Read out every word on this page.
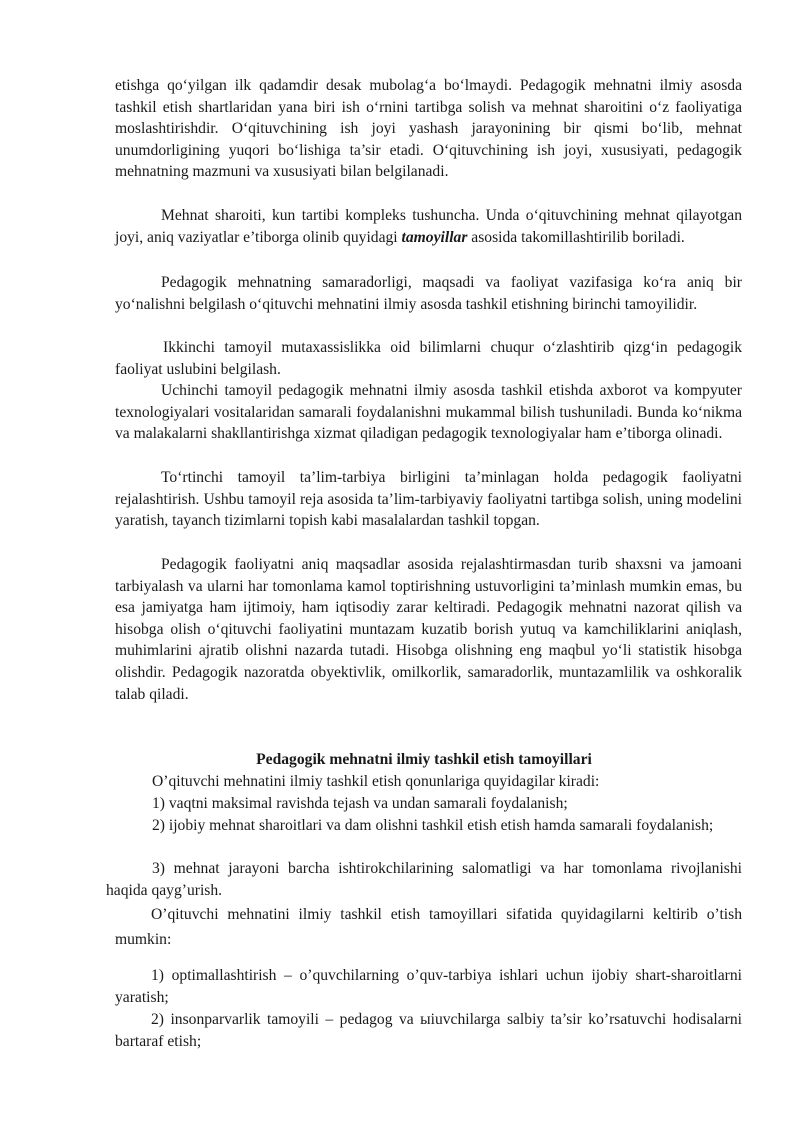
etishga qo‘yilgan ilk qadamdir desak mubolag‘a bo‘lmaydi. Pedagogik mehnatni ilmiy asosda tashkil etish shartlaridan yana biri ish o‘rnini tartibga solish va mehnat sharoitini o‘z faoliyatiga moslashtirishdir. O‘qituvchining ish joyi yashash jarayonining bir qismi bo‘lib, mehnat unumdorligining yuqori bo‘lishiga ta’sir etadi. O‘qituvchining ish joyi, xususiyati, pedagogik mehnatning mazmuni va xususiyati bilan belgilanadi.

Mehnat sharoiti, kun tartibi kompleks tushuncha. Unda o‘qituvchining mehnat qilayotgan joyi, aniq vaziyatlar e’tiborga olinib quyidagi tamoyillar asosida takomillashtirilib boriladi.

Pedagogik mehnatning samaradorligi, maqsadi va faoliyat vazifasiga ko‘ra aniq bir yo‘nalishni belgilash o‘qituvchi mehnatini ilmiy asosda tashkil etishning birinchi tamoyilidir.

Ikkinchi tamoyil mutaxassislikka oid bilimlarni chuqur o‘zlashtirib qizg‘in pedagogik faoliyat uslubini belgilash.

Uchinchi tamoyil pedagogik mehnatni ilmiy asosda tashkil etishda axborot va kompyuter texnologiyalari vositalaridan samarali foydalanishni mukammal bilish tushuniladi. Bunda ko‘nikma va malakalarni shakllantirishga xizmat qiladigan pedagogik texnologiyalar ham e’tiborga olinadi.

To‘rtinchi tamoyil ta’lim-tarbiya birligini ta’minlagan holda pedagogik faoliyatni rejalashtirish. Ushbu tamoyil reja asosida ta’lim-tarbiyaviy faoliyatni tartibga solish, uning modelini yaratish, tayanch tizimlarni topish kabi masalalardan tashkil topgan.

Pedagogik faoliyatni aniq maqsadlar asosida rejalashtirmasdan turib shaxsni va jamoani tarbiyalash va ularni har tomonlama kamol toptirishning ustuvorligini ta’minlash mumkin emas, bu esa jamiyatga ham ijtimoiy, ham iqtisodiy zarar keltiradi. Pedagogik mehnatni nazorat qilish va hisobga olish o‘qituvchi faoliyatini muntazam kuzatib borish yutuq va kamchiliklarini aniqlash, muhimlarini ajratib olishni nazarda tutadi. Hisobga olishning eng maqbul yo‘li statistik hisobga olishdir. Pedagogik nazoratda obyektivlik, omilkorlik, samaradorlik, muntazamlilik va oshkoralik talab qiladi.

Pedagogik mehnatni ilmiy tashkil etish tamoyillari

O’qituvchi mehnatini ilmiy tashkil etish qonunlariga quyidagilar kiradi:

1) vaqtni maksimal ravishda tejash va undan samarali foydalanish;

2) ijobiy mehnat sharoitlari va dam olishni tashkil etish etish hamda samarali foydalanish;

3) mehnat jarayoni barcha ishtirokchilarining salomatligi va har tomonlama rivojlanishi haqida qayg’urish.

O’qituvchi mehnatini ilmiy tashkil etish tamoyillari sifatida quyidagilarni keltirib o’tish mumkin:

1) optimallashtirish – o’quvchilarning o’quv-tarbiya ishlari uchun ijobiy shart-sharoitlarni yaratish;

2) insonparvarlik tamoyili – pedagog va ыiuvchilarga salbiy ta’sir ko’rsatuvchi hodisalarni bartaraf etish;
